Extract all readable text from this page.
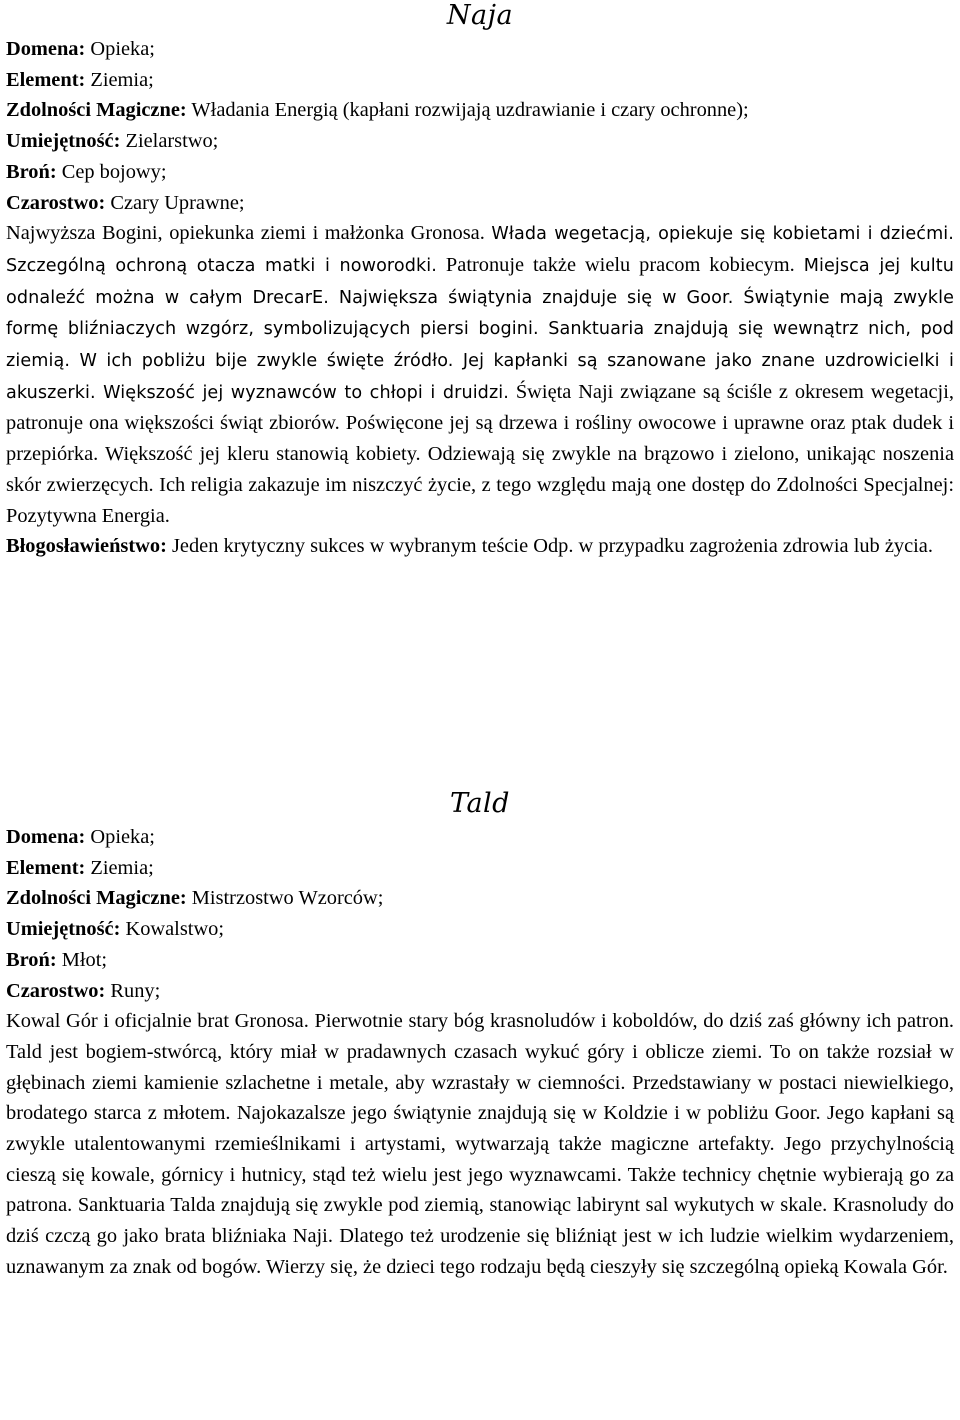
Naja
Domena: Opieka;
Element: Ziemia;
Zdolności Magiczne: Władania Energią (kapłani rozwijają uzdrawianie i czary ochronne);
Umiejętność: Zielarstwo;
Broń: Cep bojowy;
Czarostwo: Czary Uprawne;
Najwyższa Bogini, opiekunka ziemi i małżonka Gronosa. Włada wegetacją, opiekuje się kobietami i dziećmi. Szczególną ochroną otacza matki i noworodki. Patronuje także wielu pracom kobiecym. Miejsca jej kultu odnaleźć można w całym DrecarE. Największa świątynia znajduje się w Goor. Świątynie mają zwykle formę bliźniaczych wzgórz, symbolizujących piersi bogini. Sanktuaria znajdują się wewnątrz nich, pod ziemią. W ich pobliżu bije zwykle święte źródło. Jej kapłanki są szanowane jako znane uzdrowicielki i akuszerki. Większość jej wyznawców to chłopi i druidzi. Święta Naji związane są ściśle z okresem wegetacji, patronuje ona większości świąt zbiorów. Poświęcone jej są drzewa i rośliny owocowe i uprawne oraz ptak dudek i przepiórka. Większość jej kleru stanowią kobiety. Odziewają się zwykle na brązowo i zielono, unikając noszenia skór zwierzęcych. Ich religia zakazuje im niszczyć życie, z tego względu mają one dostęp do Zdolności Specjalnej: Pozytywna Energia.
Błogosławieństwo: Jeden krytyczny sukces w wybranym teście Odp. w przypadku zagrożenia zdrowia lub życia.
Tald
Domena: Opieka;
Element: Ziemia;
Zdolności Magiczne: Mistrzostwo Wzorców;
Umiejętność: Kowalstwo;
Broń: Młot;
Czarostwo: Runy;
Kowal Gór i oficjalnie brat Gronosa. Pierwotnie stary bóg krasnoludów i koboldów, do dziś zaś główny ich patron. Tald jest bogiem-stwórcą, który miał w pradawnych czasach wykuć góry i oblicze ziemi. To on także rozsiał w głębinach ziemi kamienie szlachetne i metale, aby wzrastały w ciemności. Przedstawiany w postaci niewielkiego, brodatego starca z młotem. Najokazalsze jego świątynie znajdują się w Koldzie i w pobliżu Goor. Jego kapłani są zwykle utalentowanymi rzemieślnikami i artystami, wytwarzają także magiczne artefakty. Jego przychylnością cieszą się kowale, górnicy i hutnicy, stąd też wielu jest jego wyznawcami. Także technicy chętnie wybierają go za patrona. Sanktuaria Talda znajdują się zwykle pod ziemią, stanowiąc labirynt sal wykutych w skale. Krasnoludy do dziś czczą go jako brata bliźniaka Naji. Dlatego też urodzenie się bliźniąt jest w ich ludzie wielkim wydarzeniem, uznawanym za znak od bogów. Wierzy się, że dzieci tego rodzaju będą cieszyły się szczególną opieką Kowala Gór.
